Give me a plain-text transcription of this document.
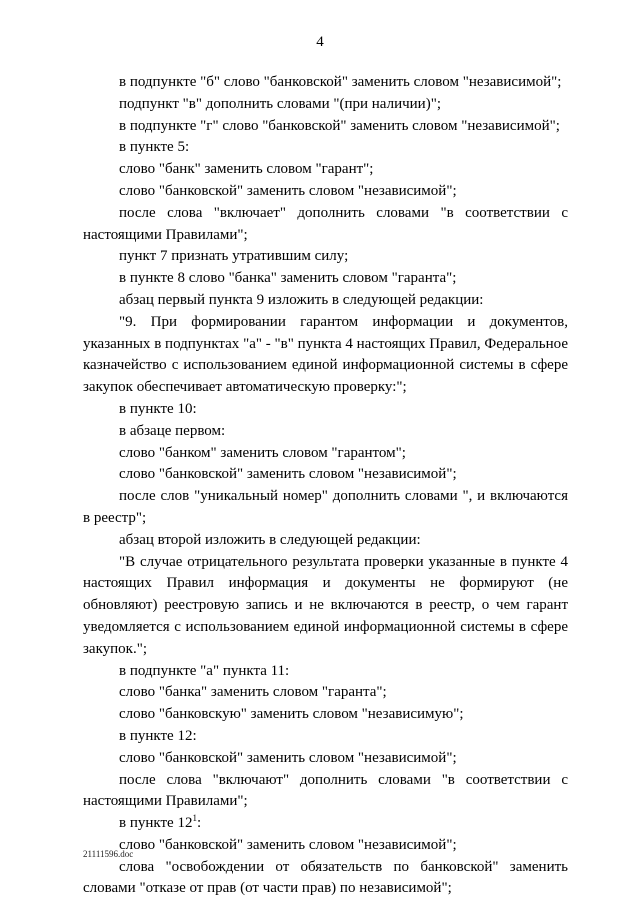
4

в подпункте "б" слово "банковской" заменить словом "независимой";

подпункт "в" дополнить словами "(при наличии)";

в подпункте "г" слово "банковской" заменить словом "независимой";

в пункте 5:

слово "банк" заменить словом "гарант";

слово "банковской" заменить словом "независимой";

после слова "включает" дополнить словами "в соответствии с настоящими Правилами";

пункт 7 признать утратившим силу;

в пункте 8 слово "банка" заменить словом "гаранта";

абзац первый пункта 9 изложить в следующей редакции:

"9. При формировании гарантом информации и документов, указанных в подпунктах "а" - "в" пункта 4 настоящих Правил, Федеральное казначейство с использованием единой информационной системы в сфере закупок обеспечивает автоматическую проверку:";

в пункте 10:

в абзаце первом:

слово "банком" заменить словом "гарантом";

слово "банковской" заменить словом "независимой";

после слов "уникальный номер" дополнить словами ", и включаются в реестр";

абзац второй изложить в следующей редакции:

"В случае отрицательного результата проверки указанные в пункте 4 настоящих Правил информация и документы не формируют (не обновляют) реестровую запись и не включаются в реестр, о чем гарант уведомляется с использованием единой информационной системы в сфере закупок.";

в подпункте "а" пункта 11:

слово "банка" заменить словом "гаранта";

слово "банковскую" заменить словом "независимую";

в пункте 12:

слово "банковской" заменить словом "независимой";

после слова "включают" дополнить словами "в соответствии с настоящими Правилами";

в пункте $12^1$:

слово "банковской" заменить словом "независимой";

слова "освобождении от обязательств по банковской" заменить словами "отказе от прав (от части прав) по независимой";

21111596.doc
